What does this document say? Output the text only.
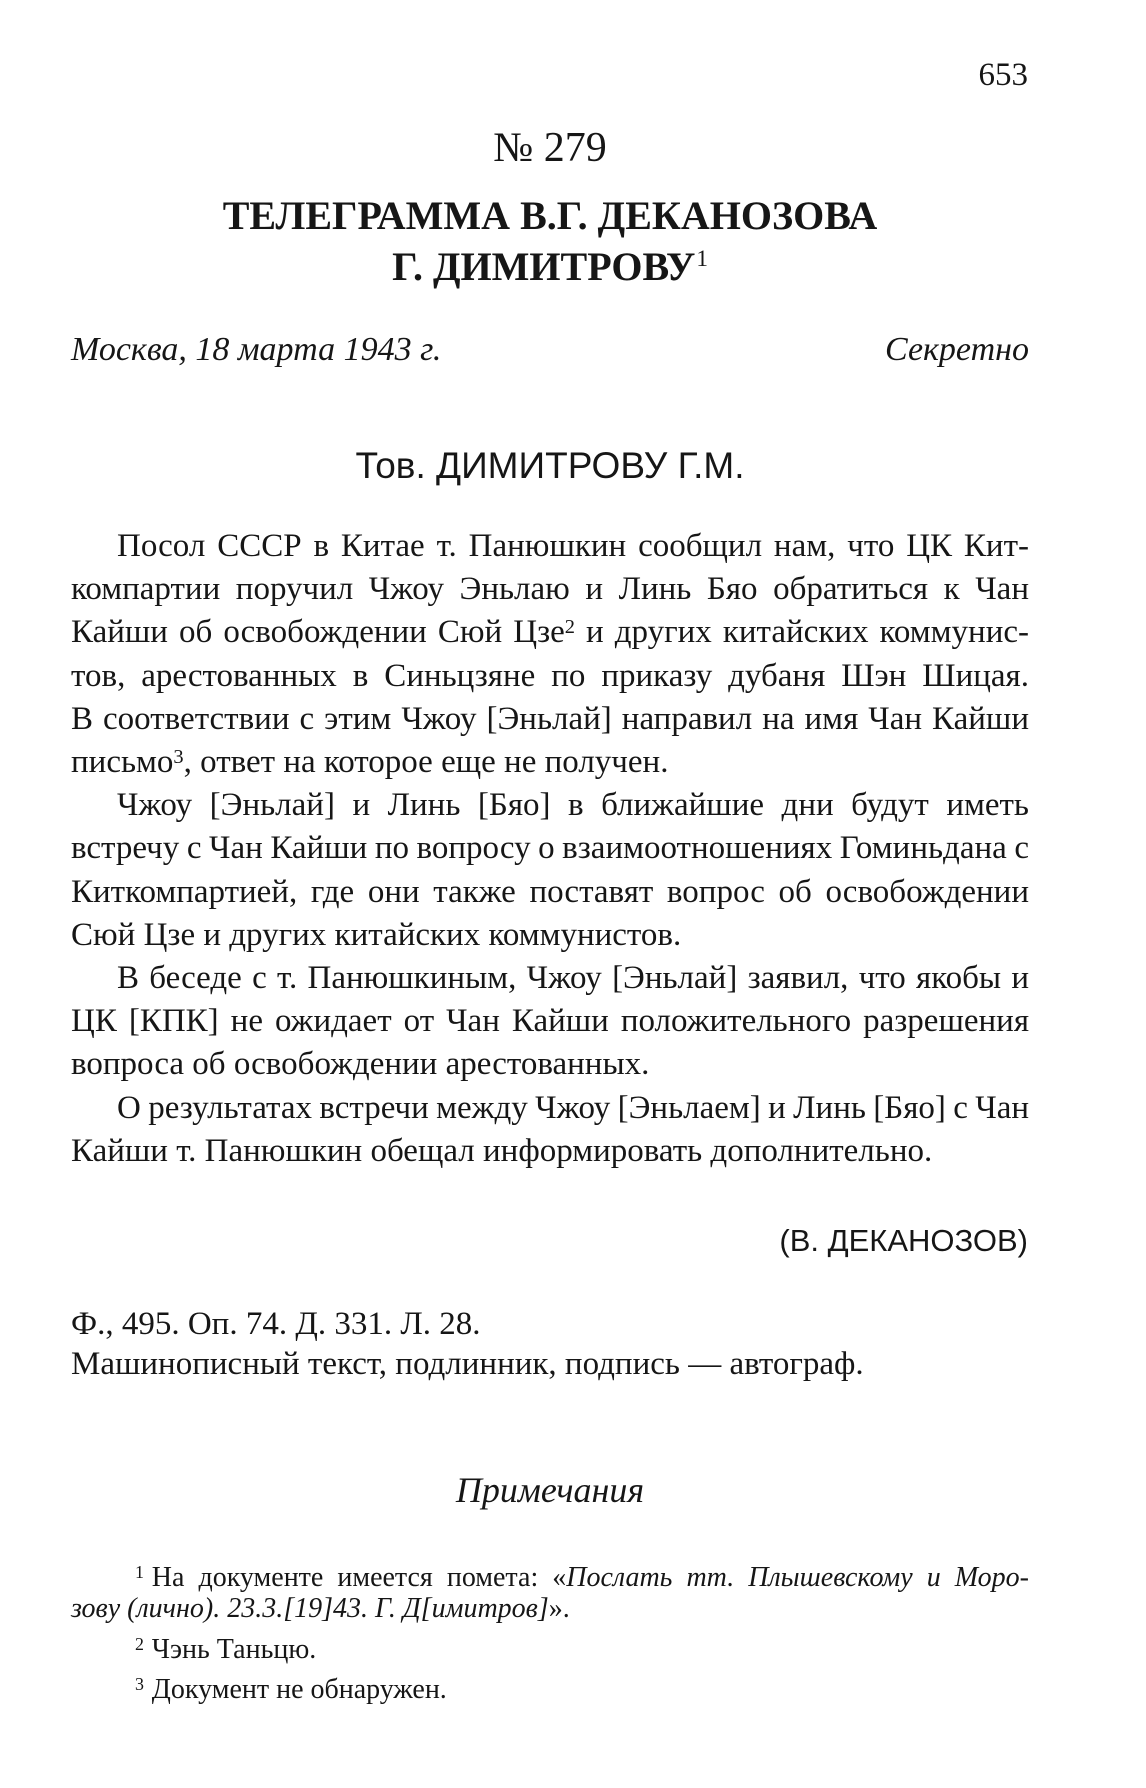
653
№ 279
ТЕЛЕГРАММА В.Г. ДЕКАНОЗОВА
Г. ДИМИТРОВУ$^1$
Москва, 18 марта 1943 г.	Секретно
Тов. ДИМИТРОВУ Г.М.
Посол СССР в Китае т. Панюшкин сообщил нам, что ЦК Кит-
компартии поручил Чжоу Эньлаю и Линь Бяо обратиться к Чан
Кайши об освобождении Сюй Цзе$^2$ и других китайских коммунис-
тов, арестованных в Синьцзяне по приказу дубаня Шэн Шицая.
В соответствии с этим Чжоу [Эньлай] направил на имя Чан Кайши
письмо$^3$, ответ на которое еще не получен.
Чжоу [Эньлай] и Линь [Бяо] в ближайшие дни будут иметь
встречу с Чан Кайши по вопросу о взаимоотношениях Гоминьдана с
Киткомпартией, где они также поставят вопрос об освобождении
Сюй Цзе и других китайских коммунистов.
В беседе с т. Панюшкиным, Чжоу [Эньлай] заявил, что якобы и
ЦК [КПК] не ожидает от Чан Кайши положительного разрешения
вопроса об освобождении арестованных.
О результатах встречи между Чжоу [Эньлаем] и Линь [Бяо] с Чан
Кайши т. Панюшкин обещал информировать дополнительно.
(В. ДЕКАНОЗОВ)
Ф., 495. Оп. 74. Д. 331. Л. 28.
Машинописный текст, подлинник, подпись — автограф.
Примечания
$^1$ На документе имеется помета: «Послать тт. Плышевскому и Моро-
зову (лично). 23.3.[19]43. Г. Д[имитров]».
$^2$ Чэнь Таньцю.
$^3$ Документ не обнаружен.
